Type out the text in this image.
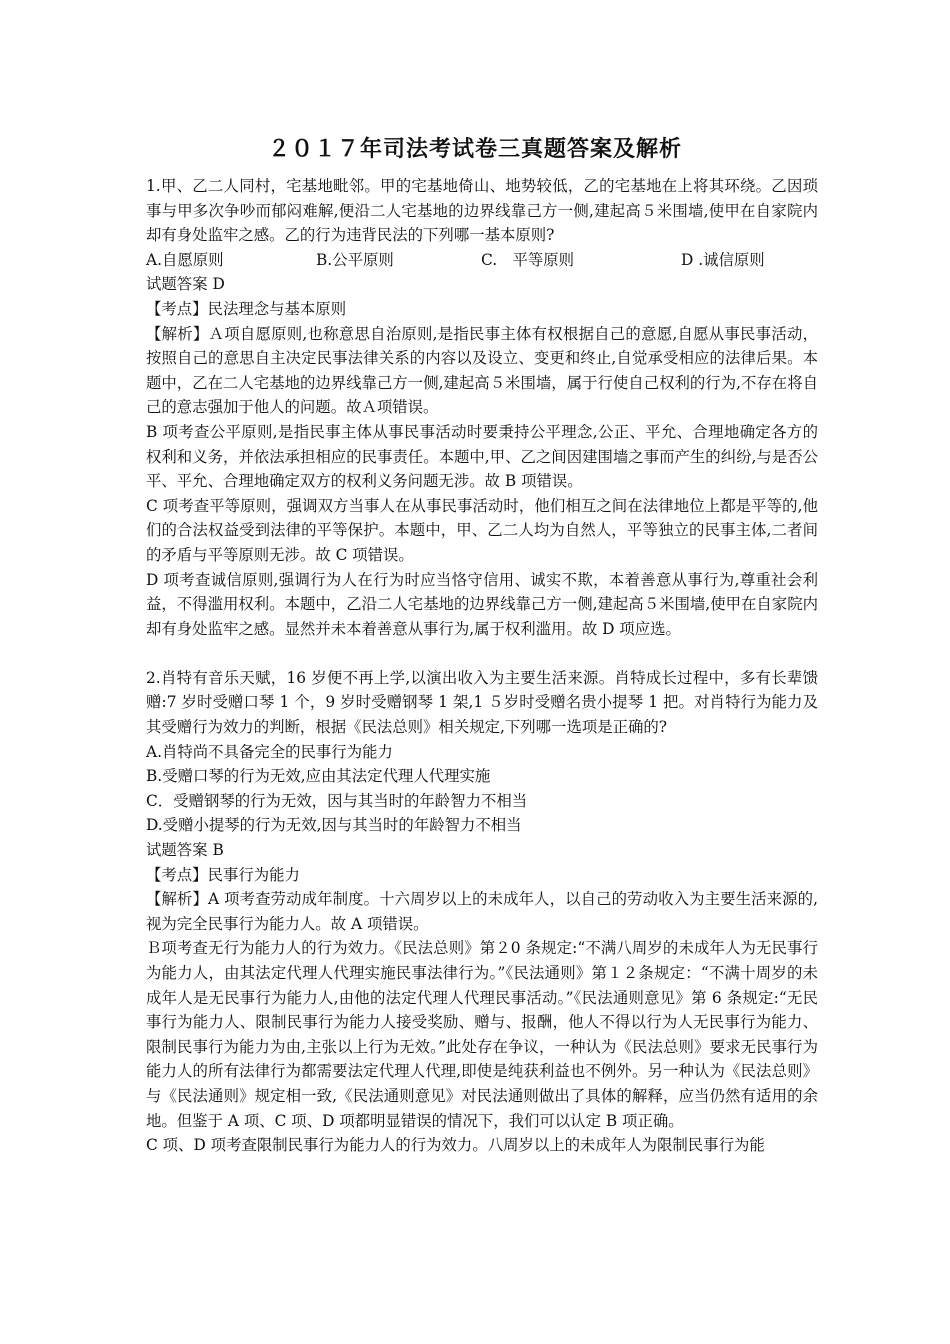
２０１７年司法考试卷三真题答案及解析

1.甲、乙二人同村，宅基地毗邻。甲的宅基地倚山、地势较低，乙的宅基地在上将其环绕。乙因琐事与甲多次争吵而郁闷难解,便沿二人宅基地的边界线靠己方一侧,建起高５米围墙,使甲在自家院内却有身处监牢之感。乙的行为违背民法的下列哪一基本原则?

A.自愿原则	B.公平原则	C.　平等原则	D .诚信原则

试题答案 D

【考点】民法理念与基本原则

【解析】Ａ项自愿原则,也称意思自治原则,是指民事主体有权根据自己的意愿,自愿从事民事活动，按照自己的意思自主决定民事法律关系的内容以及设立、变更和终止,自觉承受相应的法律后果。本题中，乙在二人宅基地的边界线靠己方一侧,建起高５米围墙，属于行使自己权利的行为,不存在将自己的意志强加于他人的问题。故Ａ项错误。

B 项考查公平原则,是指民事主体从事民事活动时要秉持公平理念,公正、平允、合理地确定各方的权利和义务，并依法承担相应的民事责任。本题中,甲、乙之间因建围墙之事而产生的纠纷,与是否公平、平允、合理地确定双方的权利义务问题无涉。故 B 项错误。

C 项考查平等原则，强调双方当事人在从事民事活动时，他们相互之间在法律地位上都是平等的,他们的合法权益受到法律的平等保护。本题中，甲、乙二人均为自然人，平等独立的民事主体,二者间的矛盾与平等原则无涉。故 C 项错误。

D 项考查诚信原则,强调行为人在行为时应当恪守信用、诚实不欺，本着善意从事行为,尊重社会利益，不得滥用权利。本题中，乙沿二人宅基地的边界线靠己方一侧,建起高５米围墙,使甲在自家院内却有身处监牢之感。显然并未本着善意从事行为,属于权利滥用。故 D 项应选。

2.肖特有音乐天赋，16 岁便不再上学,以演出收入为主要生活来源。肖特成长过程中，多有长辈馈赠:7 岁时受赠口琴 1 个，9 岁时受赠钢琴 1 架,1 ５岁时受赠名贵小提琴 1 把。对肖特行为能力及其受赠行为效力的判断，根据《民法总则》相关规定,下列哪一选项是正确的?

A.肖特尚不具备完全的民事行为能力

B.受赠口琴的行为无效,应由其法定代理人代理实施

C．受赠钢琴的行为无效，因与其当时的年龄智力不相当

D.受赠小提琴的行为无效,因与其当时的年龄智力不相当

试题答案 B

【考点】民事行为能力

【解析】A 项考查劳动成年制度。十六周岁以上的未成年人，以自己的劳动收入为主要生活来源的,视为完全民事行为能力人。故 A 项错误。

Ｂ项考查无行为能力人的行为效力。《民法总则》第２0 条规定:“不满八周岁的未成年人为无民事行为能力人，由其法定代理人代理实施民事法律行为。”《民法通则》第１２条规定：“不满十周岁的未成年人是无民事行为能力人,由他的法定代理人代理民事活动。”《民法通则意见》第 6 条规定:“无民事行为能力人、限制民事行为能力人接受奖励、赠与、报酬，他人不得以行为人无民事行为能力、限制民事行为能力为由,主张以上行为无效。”此处存在争议，一种认为《民法总则》要求无民事行为能力人的所有法律行为都需要法定代理人代理,即使是纯获利益也不例外。另一种认为《民法总则》与《民法通则》规定相一致,《民法通则意见》对民法通则做出了具体的解释，应当仍然有适用的余地。但鉴于 A 项、C 项、D 项都明显错误的情况下，我们可以认定 B 项正确。

C 项、D 项考查限制民事行为能力人的行为效力。八周岁以上的未成年人为限制民事行为能
